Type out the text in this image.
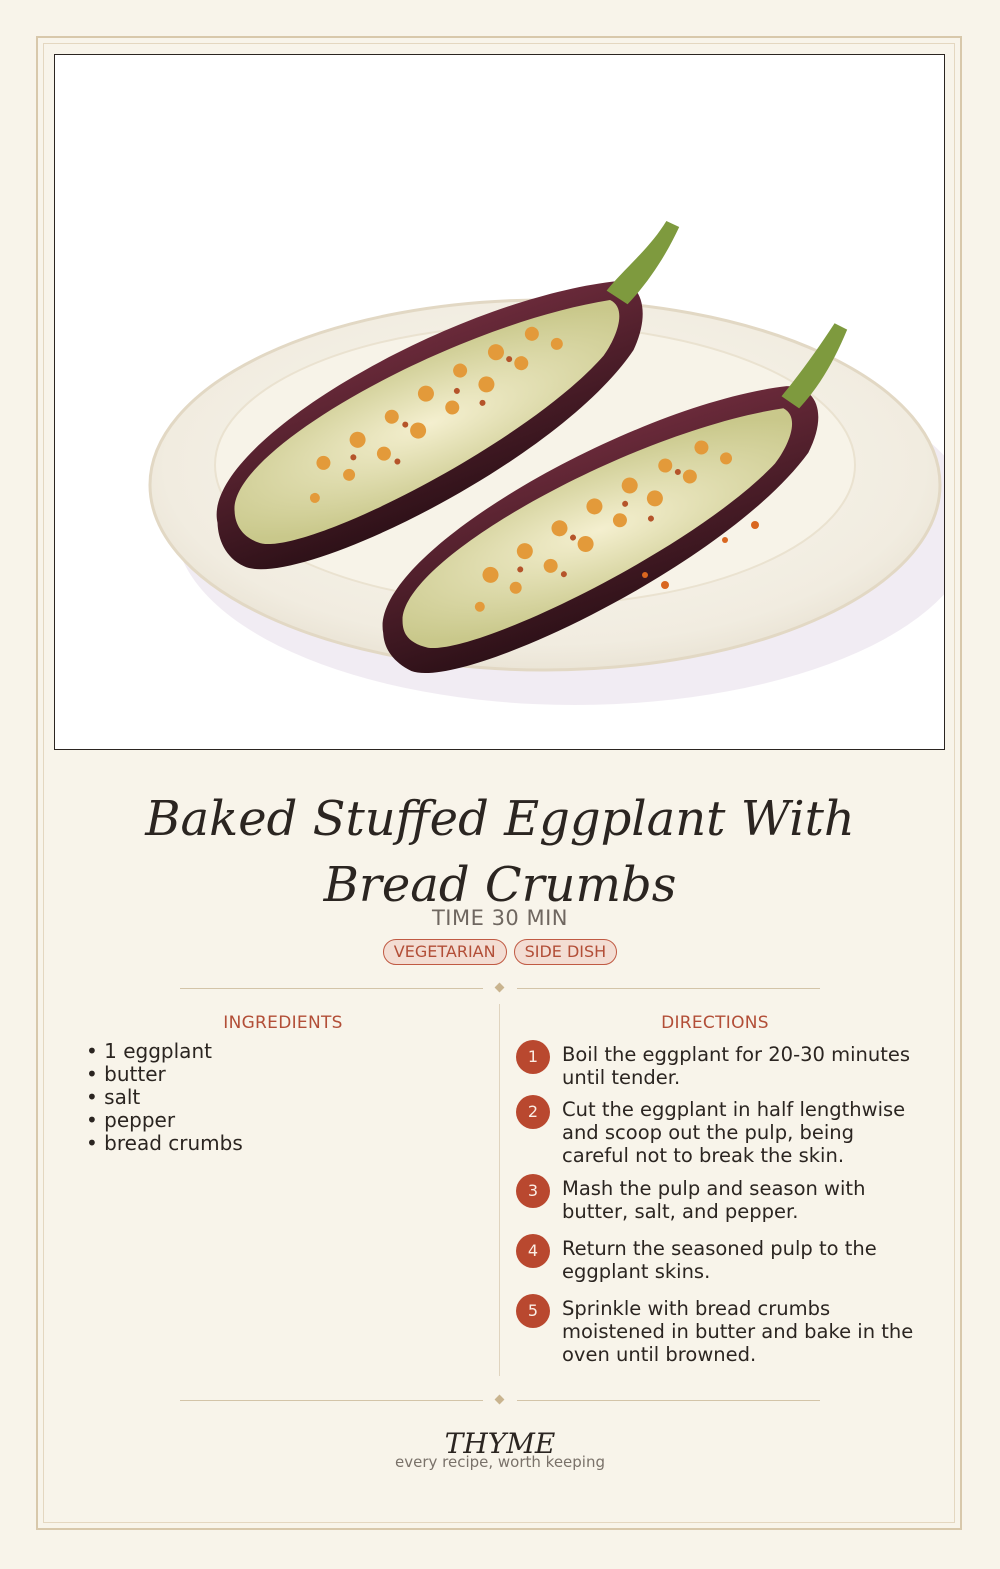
Baked Stuffed Eggplant With Bread Crumbs
TIME 30 MIN
VEGETARIAN	SIDE DISH
INGREDIENTS
• 1 eggplant
• butter
• salt
• pepper
• bread crumbs
DIRECTIONS
1	Boil the eggplant for 20-30 minutes until tender.
2	Cut the eggplant in half lengthwise and scoop out the pulp, being careful not to break the skin.
3	Mash the pulp and season with butter, salt, and pepper.
4	Return the seasoned pulp to the eggplant skins.
5	Sprinkle with bread crumbs moistened in butter and bake in the oven until browned.
THYME
every recipe, worth keeping
